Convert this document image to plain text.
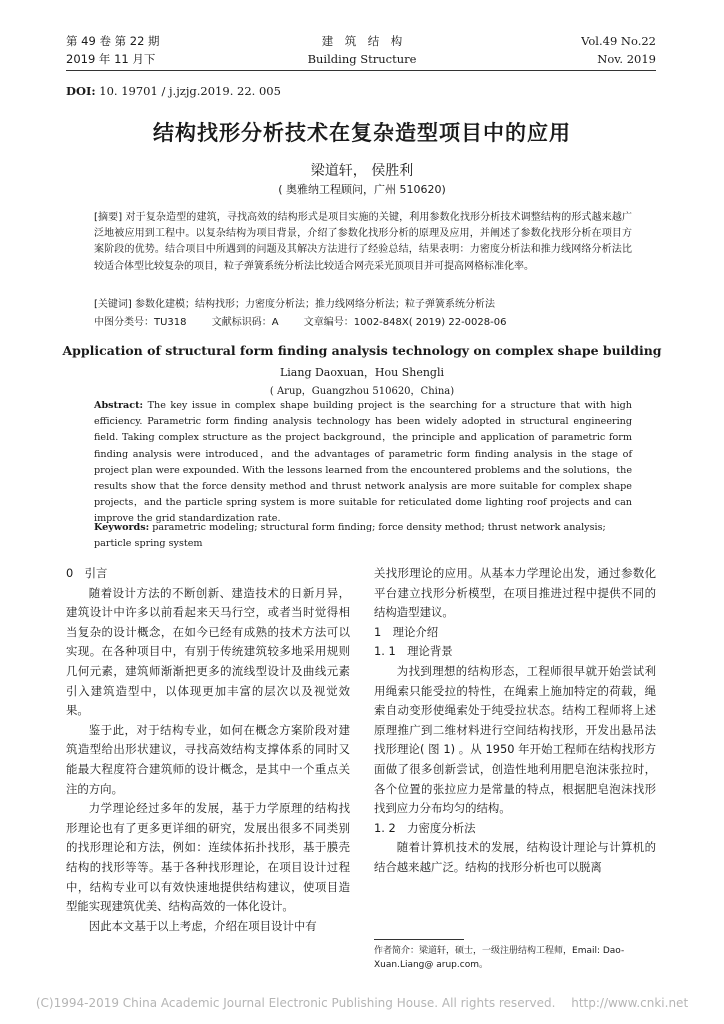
第 49 卷 第 22 期
2019 年 11 月下
建　筑　结　构
Building Structure
Vol.49 No.22
Nov. 2019
DOI: 10. 19701 / j.jzjg.2019. 22. 005
结构找形分析技术在复杂造型项目中的应用
梁道轩， 侯胜利
( 奥雅纳工程顾问，广州 510620)
[摘要] 对于复杂造型的建筑，寻找高效的结构形式是项目实施的关键，利用参数化找形分析技术调整结构的形式越来越广泛地被应用到工程中。以复杂结构为项目背景，介绍了参数化找形分析的原理及应用，并阐述了参数化找形分析在项目方案阶段的优势。结合项目中所遇到的问题及其解决方法进行了经验总结，结果表明：力密度分析法和推力线网络分析法比较适合体型比较复杂的项目，粒子弹簧系统分析法比较适合网壳采光顶项目并可提高网格标准化率。
[关键词] 参数化建模；结构找形；力密度分析法；推力线网络分析法；粒子弹簧系统分析法
中图分类号：TU318	文献标识码：A	文章编号：1002-848X( 2019) 22-0028-06
Application of structural form finding analysis technology on complex shape building
Liang Daoxuan，Hou Shengli
( Arup，Guangzhou 510620，China)
Abstract: The key issue in complex shape building project is the searching for a structure that with high efficiency. Parametric form finding analysis technology has been widely adopted in structural engineering field. Taking complex structure as the project background，the principle and application of parametric form finding analysis were introduced，and the advantages of parametric form finding analysis in the stage of project plan were expounded. With the lessons learned from the encountered problems and the solutions，the results show that the force density method and thrust network analysis are more suitable for complex shape projects，and the particle spring system is more suitable for reticulated dome lighting roof projects and can improve the grid standardization rate.
Keywords: parametric modeling; structural form finding; force density method; thrust network analysis; particle spring system

0　引言

随着设计方法的不断创新、建造技术的日新月异，建筑设计中许多以前看起来天马行空，或者当时觉得相当复杂的设计概念，在如今已经有成熟的技术方法可以实现。在各种项目中，有别于传统建筑较多地采用规则几何元素，建筑师渐渐把更多的流线型设计及曲线元素引入建筑造型中，以体现更加丰富的层次以及视觉效果。

鉴于此，对于结构专业，如何在概念方案阶段对建筑造型给出形状建议，寻找高效结构支撑体系的同时又能最大程度符合建筑师的设计概念，是其中一个重点关注的方向。

力学理论经过多年的发展，基于力学原理的结构找形理论也有了更多更详细的研究，发展出很多不同类别的找形理论和方法，例如：连续体拓扑找形，基于膜壳结构的找形等等。基于各种找形理论，在项目设计过程中，结构专业可以有效快速地提供结构建议，使项目造型能实现建筑优美、结构高效的一体化设计。

因此本文基于以上考虑，介绍在项目设计中有

关找形理论的应用。从基本力学理论出发，通过参数化平台建立找形分析模型，在项目推进过程中提供不同的结构造型建议。

1　理论介绍

1. 1　理论背景

为找到理想的结构形态，工程师很早就开始尝试利用绳索只能受拉的特性，在绳索上施加特定的荷载，绳索自动变形使绳索处于纯受拉状态。结构工程师将上述原理推广到二维材料进行空间结构找形，开发出悬吊法找形理论( 图 1) 。从 1950 年开始工程师在结构找形方面做了很多创新尝试，创造性地利用肥皂泡沫张拉时，各个位置的张拉应力是常量的特点，根据肥皂泡沫找形找到应力分布均匀的结构。

1. 2　力密度分析法

随着计算机技术的发展，结构设计理论与计算机的结合越来越广泛。结构的找形分析也可以脱离

作者简介：梁道轩，硕士，一级注册结构工程师，Email: Dao-Xuan.Liang@ arup.com。
(C)1994-2019 China Academic Journal Electronic Publishing House. All rights reserved.　 http://www.cnki.net
